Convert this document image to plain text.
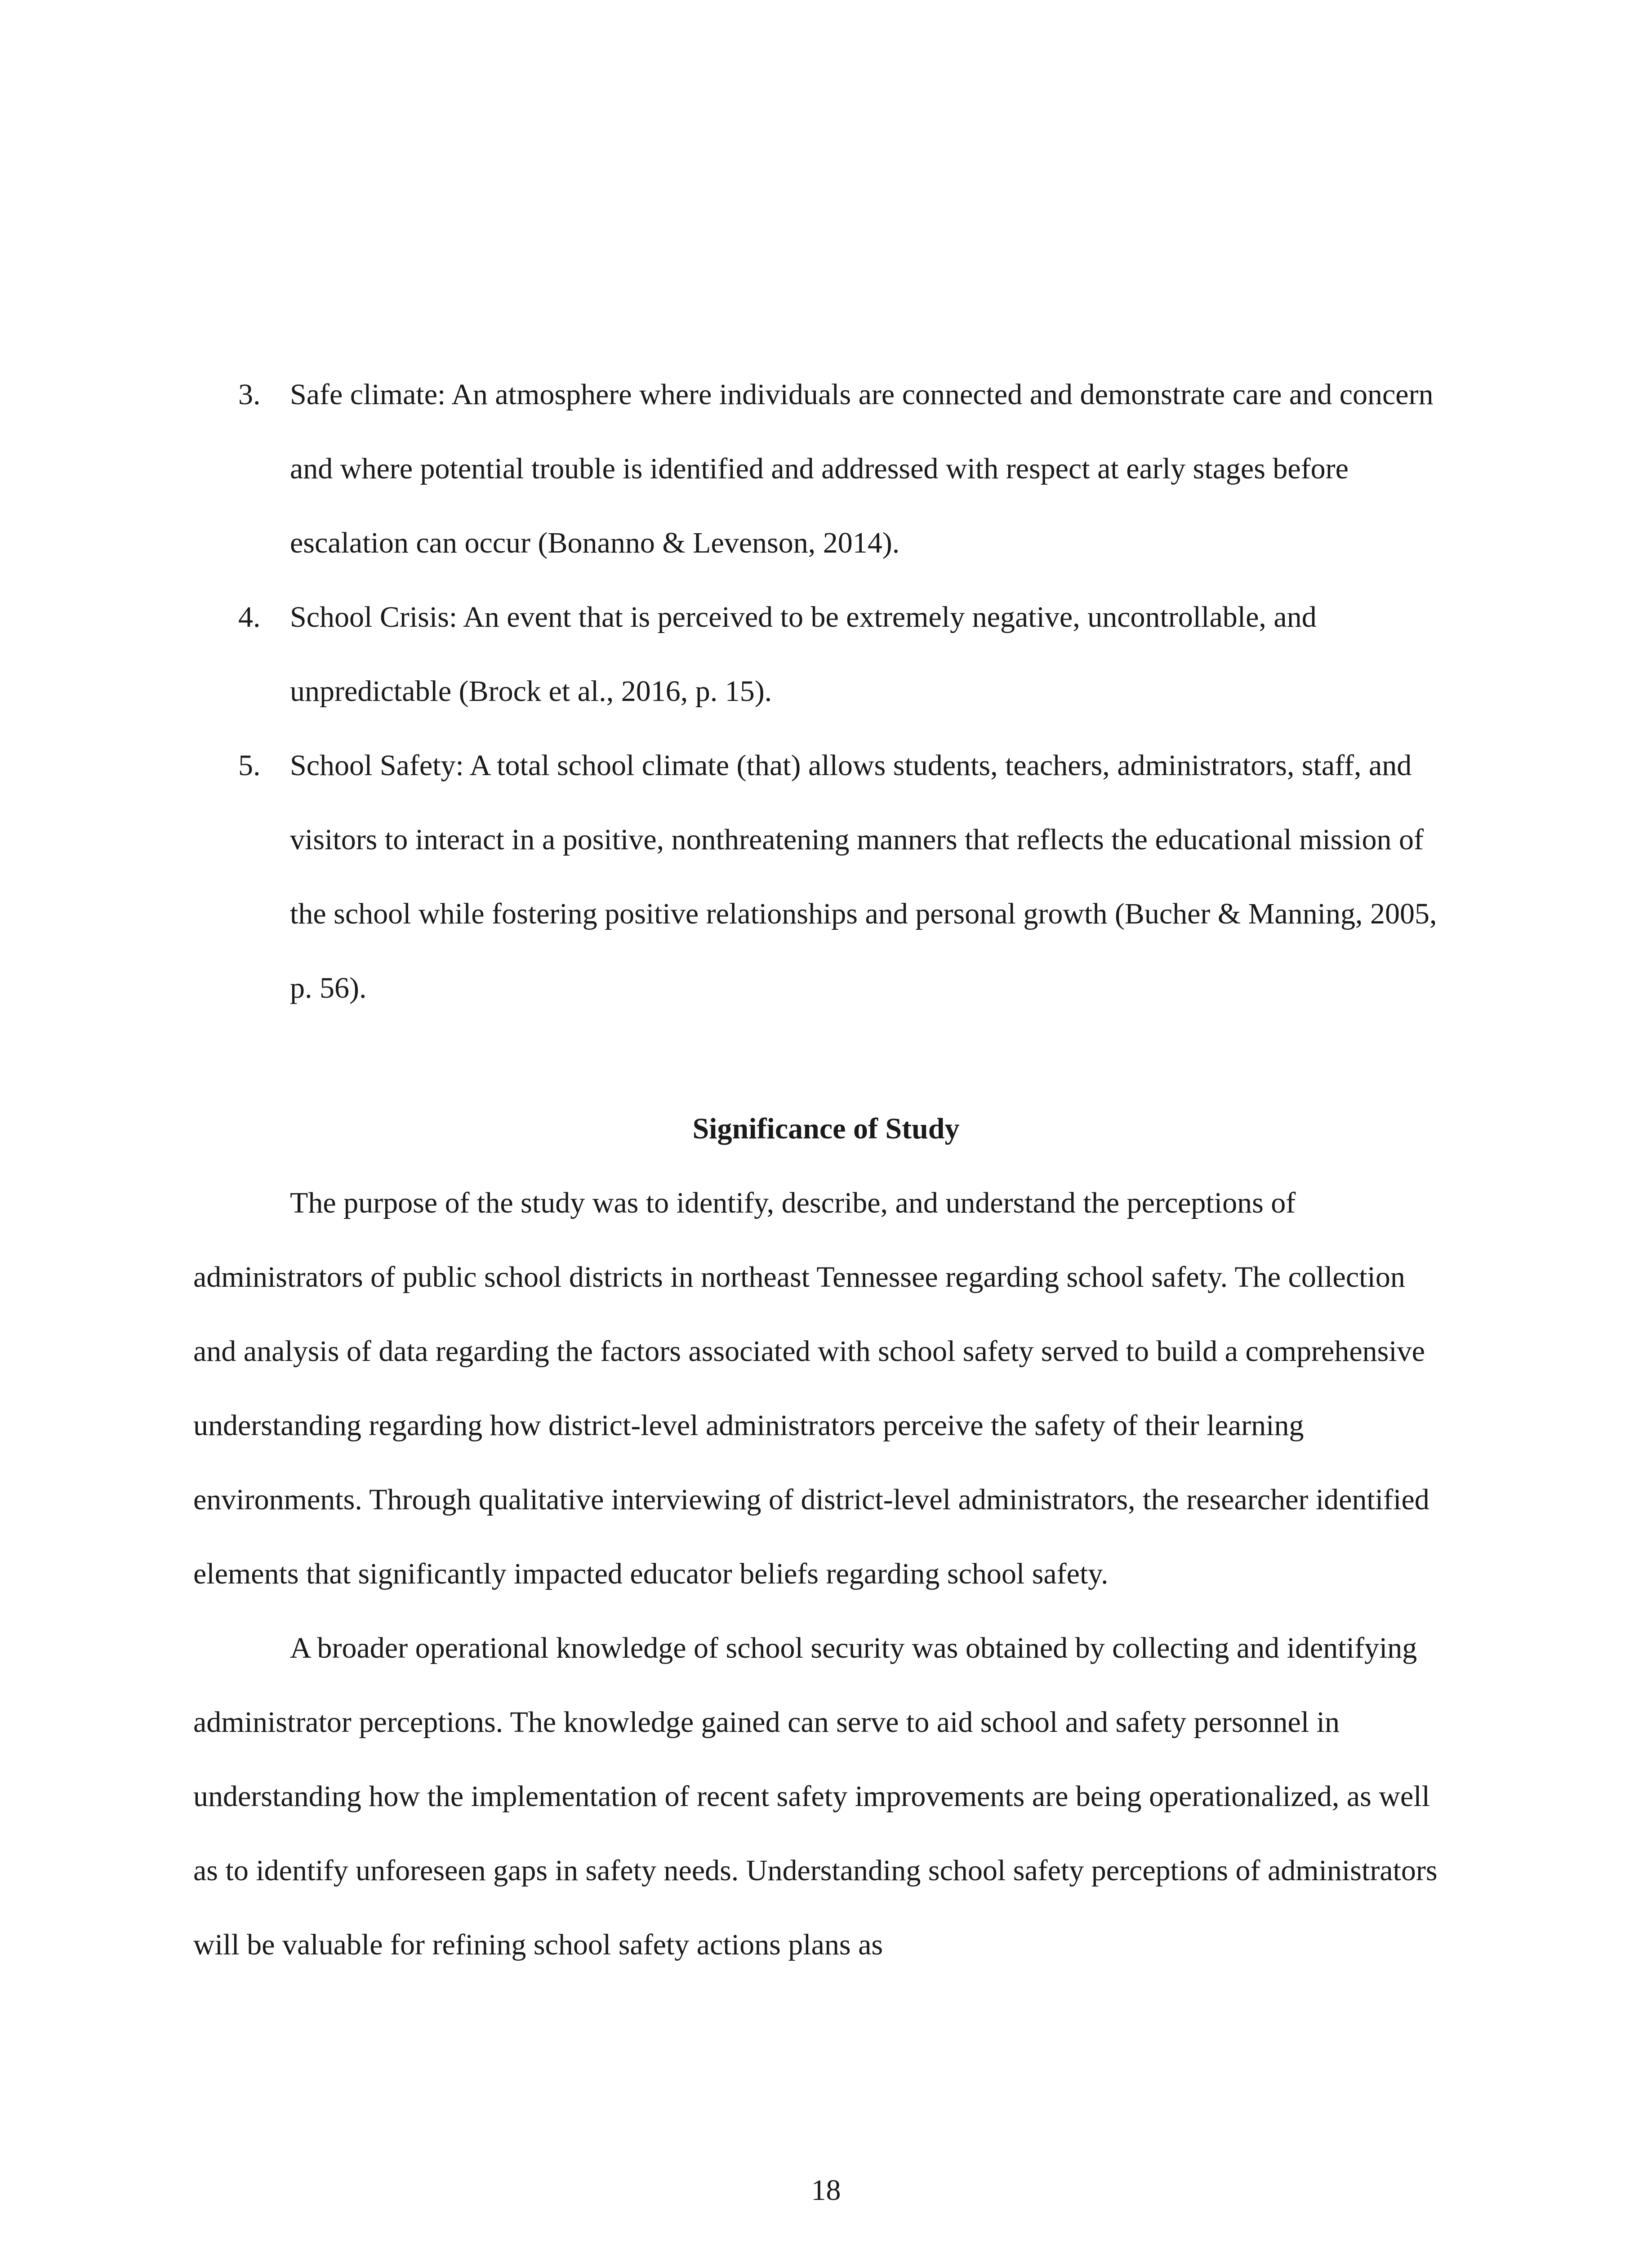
3. Safe climate: An atmosphere where individuals are connected and demonstrate care and concern and where potential trouble is identified and addressed with respect at early stages before escalation can occur (Bonanno & Levenson, 2014).
4. School Crisis: An event that is perceived to be extremely negative, uncontrollable, and unpredictable (Brock et al., 2016, p. 15).
5. School Safety: A total school climate (that) allows students, teachers, administrators, staff, and visitors to interact in a positive, nonthreatening manners that reflects the educational mission of the school while fostering positive relationships and personal growth (Bucher & Manning, 2005, p. 56).
Significance of Study

The purpose of the study was to identify, describe, and understand the perceptions of administrators of public school districts in northeast Tennessee regarding school safety. The collection and analysis of data regarding the factors associated with school safety served to build a comprehensive understanding regarding how district-level administrators perceive the safety of their learning environments. Through qualitative interviewing of district-level administrators, the researcher identified elements that significantly impacted educator beliefs regarding school safety.

A broader operational knowledge of school security was obtained by collecting and identifying administrator perceptions. The knowledge gained can serve to aid school and safety personnel in understanding how the implementation of recent safety improvements are being operationalized, as well as to identify unforeseen gaps in safety needs. Understanding school safety perceptions of administrators will be valuable for refining school safety actions plans as

18
